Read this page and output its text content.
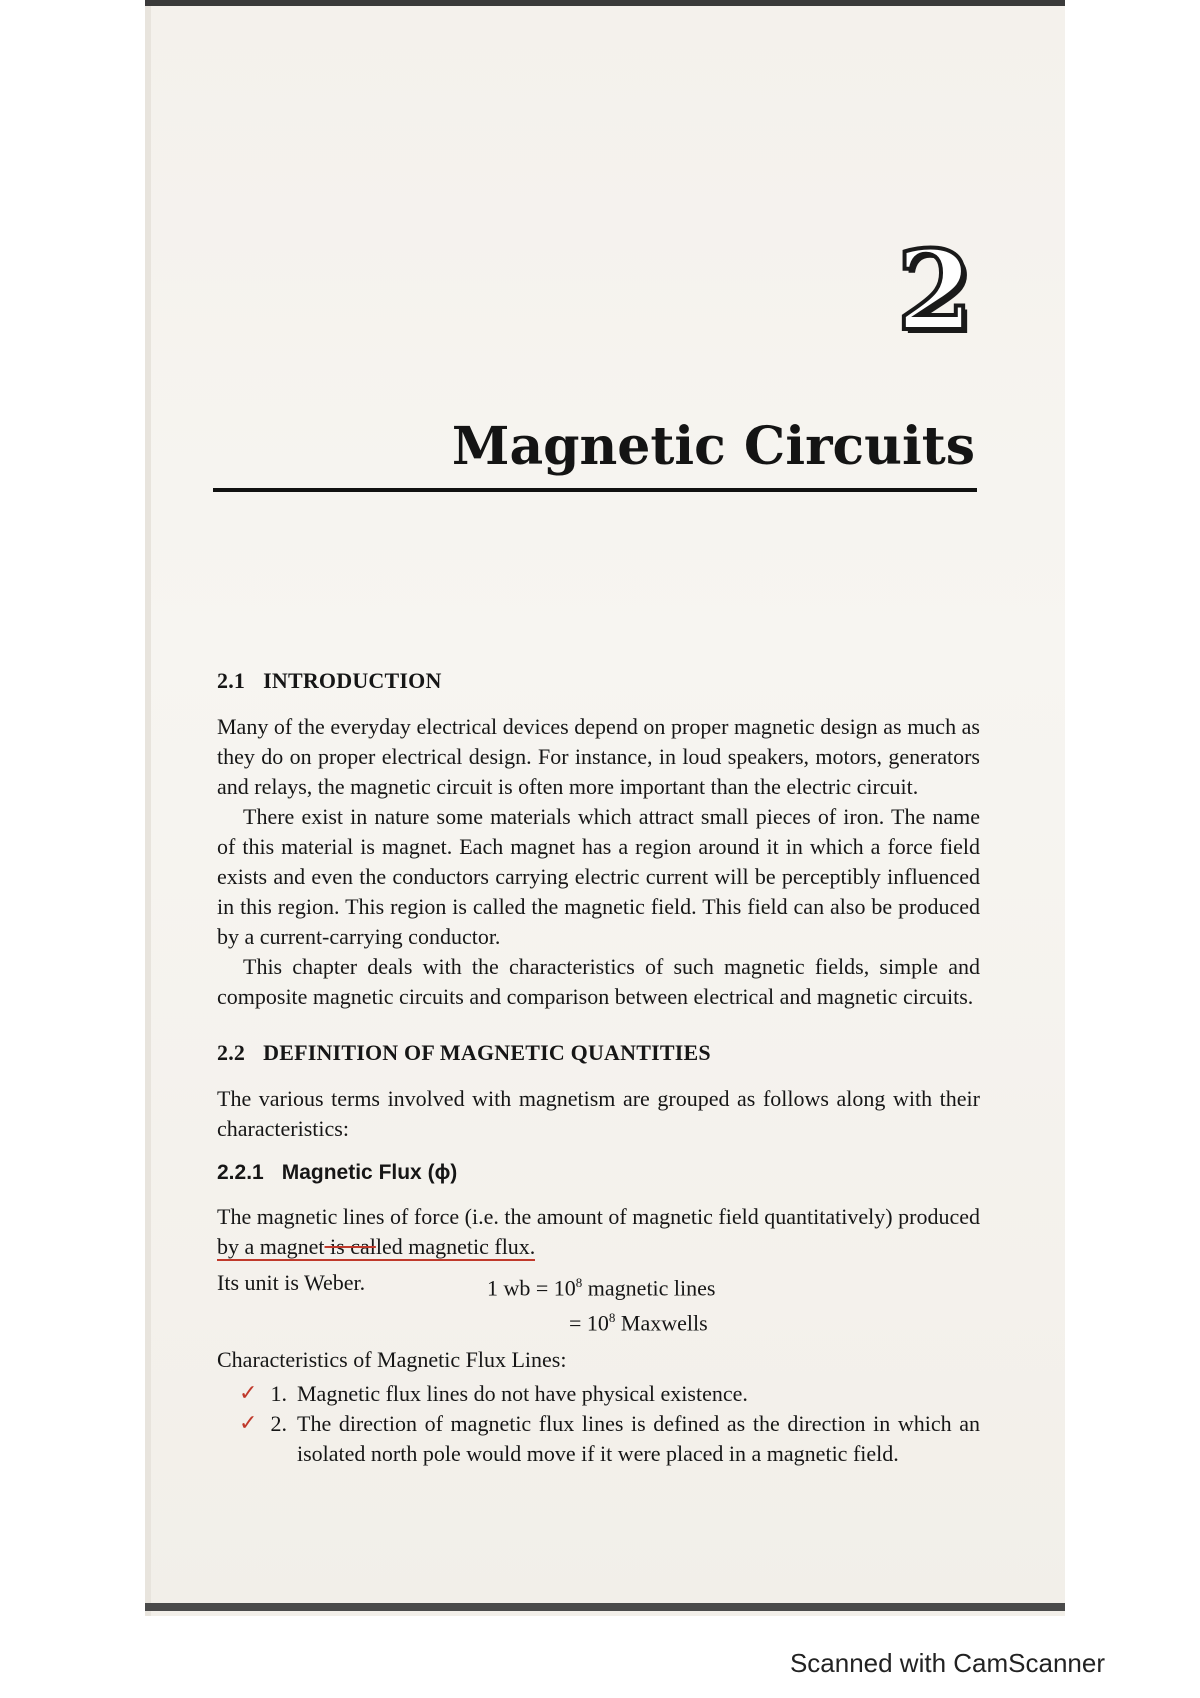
2
Magnetic Circuits
2.1 INTRODUCTION

Many of the everyday electrical devices depend on proper magnetic design as much as they do on proper electrical design. For instance, in loud speakers, motors, generators and relays, the magnetic circuit is often more important than the electric circuit.

There exist in nature some materials which attract small pieces of iron. The name of this material is magnet. Each magnet has a region around it in which a force field exists and even the conductors carrying electric current will be perceptibly influenced in this region. This region is called the magnetic field. This field can also be produced by a current-carrying conductor.

This chapter deals with the characteristics of such magnetic fields, simple and composite magnetic circuits and comparison between electrical and magnetic circuits.

2.2 DEFINITION OF MAGNETIC QUANTITIES

The various terms involved with magnetism are grouped as follows along with their characteristics:

2.2.1 Magnetic Flux (ϕ)

The magnetic lines of force (i.e. the amount of magnetic field quantitatively) produced by a magnet is called magnetic flux.

Its unit is Weber.	1 wb = $10^8$ magnetic lines
= $10^8$ Maxwells
Characteristics of Magnetic Flux Lines:
✓ 1. Magnetic flux lines do not have physical existence.
✓ 2. The direction of magnetic flux lines is defined as the direction in which an isolated north pole would move if it were placed in a magnetic field.
Scanned with CamScanner
